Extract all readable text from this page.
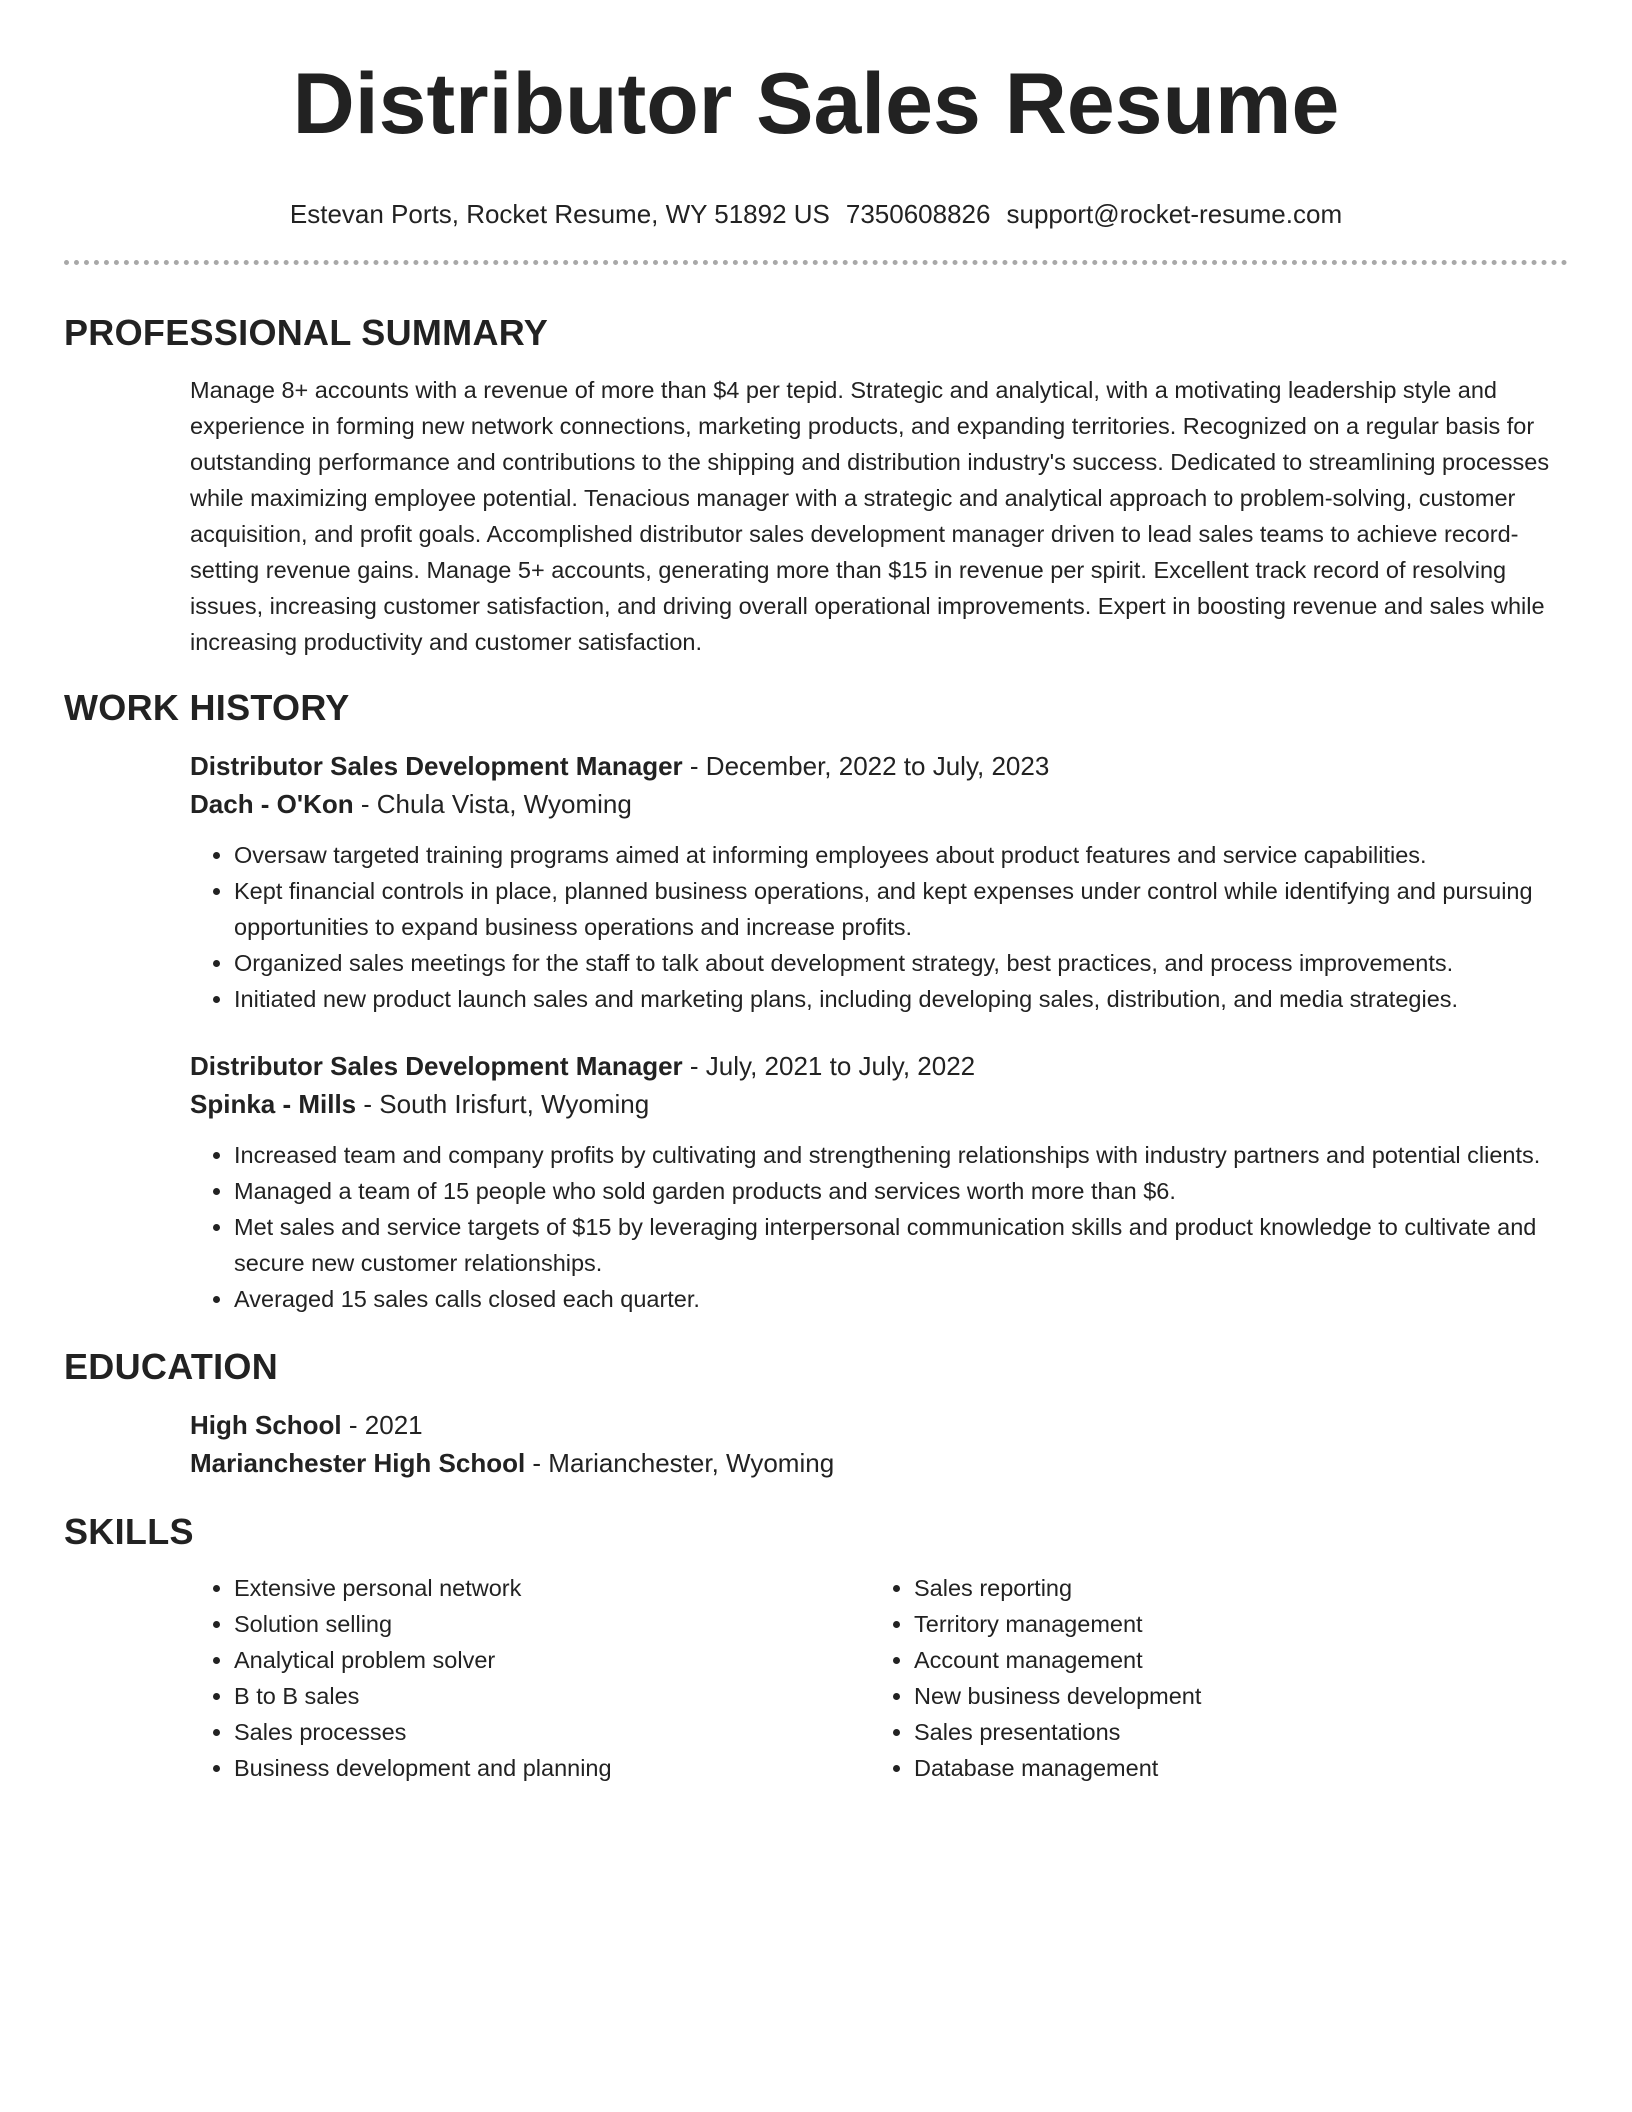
Distributor Sales Resume
Estevan Ports, Rocket Resume, WY 51892 US 7350608826 support@rocket-resume.com
PROFESSIONAL SUMMARY

Manage 8+ accounts with a revenue of more than $4 per tepid. Strategic and analytical, with a motivating leadership style and experience in forming new network connections, marketing products, and expanding territories. Recognized on a regular basis for outstanding performance and contributions to the shipping and distribution industry's success. Dedicated to streamlining processes while maximizing employee potential. Tenacious manager with a strategic and analytical approach to problem-solving, customer acquisition, and profit goals. Accomplished distributor sales development manager driven to lead sales teams to achieve record-setting revenue gains. Manage 5+ accounts, generating more than $15 in revenue per spirit. Excellent track record of resolving issues, increasing customer satisfaction, and driving overall operational improvements. Expert in boosting revenue and sales while increasing productivity and customer satisfaction.

WORK HISTORY

Distributor Sales Development Manager - December, 2022 to July, 2023

Dach - O'Kon - Chula Vista, Wyoming

• Oversaw targeted training programs aimed at informing employees about product features and service capabilities.
• Kept financial controls in place, planned business operations, and kept expenses under control while identifying and pursuing opportunities to expand business operations and increase profits.
• Organized sales meetings for the staff to talk about development strategy, best practices, and process improvements.
• Initiated new product launch sales and marketing plans, including developing sales, distribution, and media strategies.

Distributor Sales Development Manager - July, 2021 to July, 2022

Spinka - Mills - South Irisfurt, Wyoming

• Increased team and company profits by cultivating and strengthening relationships with industry partners and potential clients.
• Managed a team of 15 people who sold garden products and services worth more than $6.
• Met sales and service targets of $15 by leveraging interpersonal communication skills and product knowledge to cultivate and secure new customer relationships.
• Averaged 15 sales calls closed each quarter.
EDUCATION

High School - 2021

Marianchester High School - Marianchester, Wyoming

SKILLS
• Extensive personal network
• Solution selling
• Analytical problem solver
• B to B sales
• Sales processes
• Business development and planning
• Sales reporting
• Territory management
• Account management
• New business development
• Sales presentations
• Database management
